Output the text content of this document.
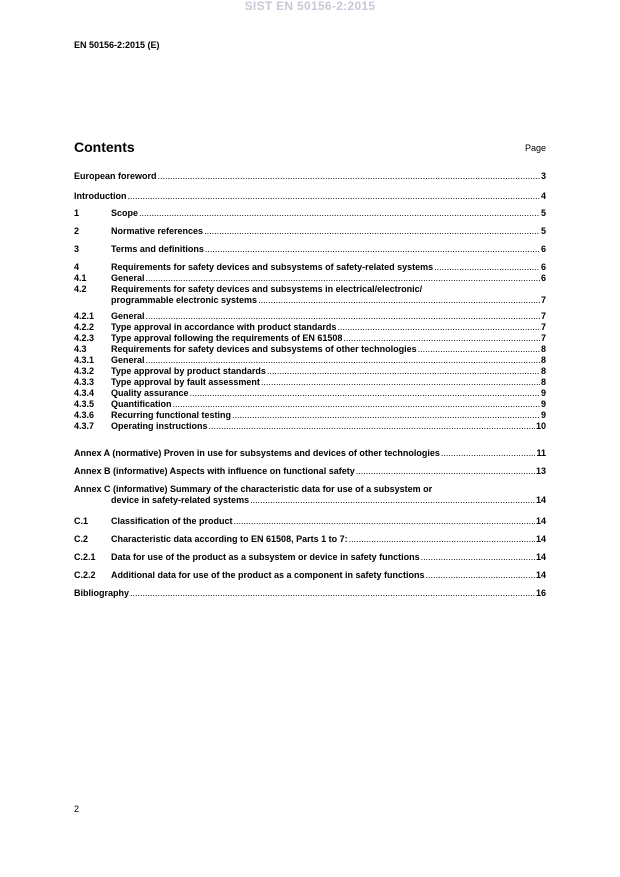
SIST EN 50156-2:2015
EN 50156-2:2015 (E)
Contents	Page
European foreword .....	3
Introduction .....	4
1	Scope .....	5
2	Normative references .....	5
3	Terms and definitions .....	6
4	Requirements for safety devices and subsystems of safety-related systems .....	6
4.1	General .....	6
4.2	Requirements for safety devices and subsystems in electrical/electronic/
programmable electronic systems .....	7
4.2.1	General .....	7
4.2.2	Type approval in accordance with product standards .....	7
4.2.3	Type approval following the requirements of EN 61508 .....	7
4.3	Requirements for safety devices and subsystems of other technologies .....	8
4.3.1	General .....	8
4.3.2	Type approval by product standards .....	8
4.3.3	Type approval by fault assessment .....	8
4.3.4	Quality assurance .....	9
4.3.5	Quantification .....	9
4.3.6	Recurring functional testing .....	9
4.3.7	Operating instructions .....	10
Annex A (normative) Proven in use for subsystems and devices of other technologies .....	11
Annex B (informative) Aspects with influence on functional safety .....	13
Annex C (informative) Summary of the characteristic data for use of a subsystem or
device in safety-related systems .....	14
C.1	Classification of the product .....	14
C.2	Characteristic data according to EN 61508, Parts 1 to 7: .....	14
C.2.1	Data for use of the product as a subsystem or device in safety functions .....	14
C.2.2	Additional data for use of the product as a component in safety functions .....	14
Bibliography .....	16
2
